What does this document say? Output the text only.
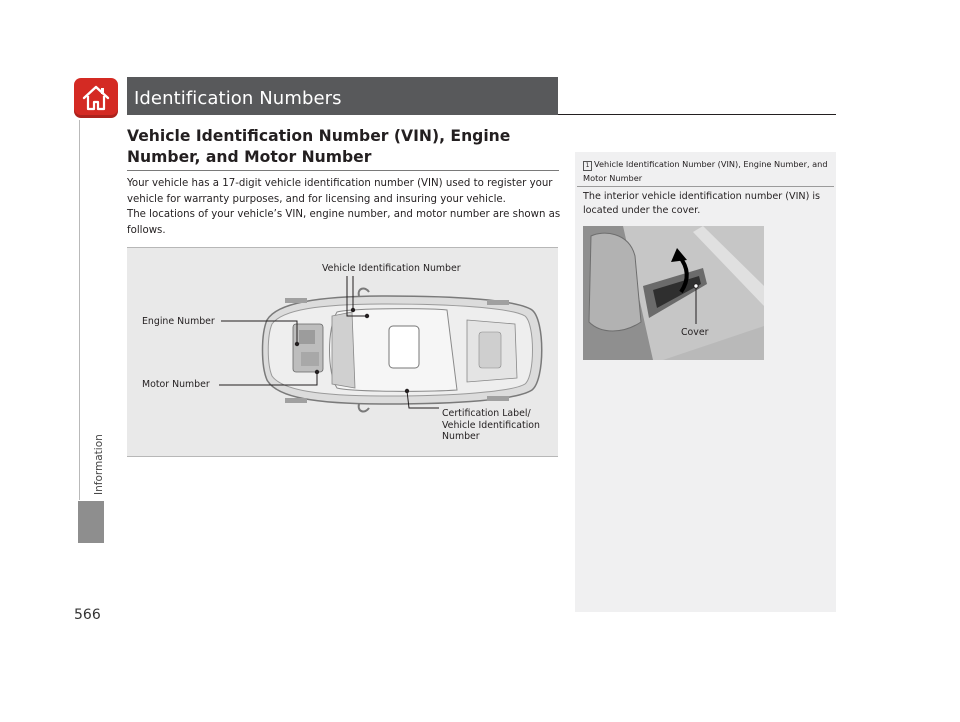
Information
566
Identification Numbers
Vehicle Identification Number (VIN), Engine Number, and Motor Number
Your vehicle has a 17-digit vehicle identification number (VIN) used to register your vehicle for warranty purposes, and for licensing and insuring your vehicle.
The locations of your vehicle’s VIN, engine number, and motor number are shown as follows.
Vehicle Identification Number
Engine Number
Motor Number
Certification Label/
Vehicle Identification
Number
1 Vehicle Identification Number (VIN), Engine Number, and Motor Number
The interior vehicle identification number (VIN) is located under the cover.
Cover
